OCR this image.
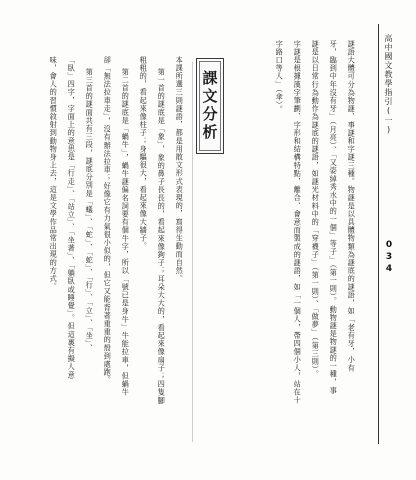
高中國文教學指引(一)
034
謎語大體可分為物謎、事謎和字謎三種。物謎是以具體物類為謎底的謎語，如「老有牙，小有
牙，臨到中年沒有牙」（月亮）、「又姿綽秀水中的一個」等子」（第一則）。動物謎是物謎的一種，事
謎是以日常行為動作為謎底的謎語，如謎光材料中的「穿襪子」（第一則）、「做夢」（第三則）。
字謎是根據漢字筆劃、字形和結構特點，離合、會意而製成的謎語，如「一個人，帶四個小人，站在十
字路口等人」（傘）。
課文分析
本課所選三則謎語，都是用散文形式表現的，寫得生動而自然。
第一首的謎底是「象」，象的鼻子長長的，看起來像鉤子；耳朵大大的，看起來像扇子；四隻腳
粗粗的，看起來像柱子；身驅很大，看起來像大牆子。
第二首的謎底是「蝸牛」，蝸牛謎偏名詞要有個牛字，所以「號已是身牛」牛能拉車，但蝸牛
卻「無法拉車走」，沒有辦法拉車；好像它有力氣很小似的，但它又能背著重重的殼到處跑。
第三首的謎面共有三段，謎底分別是「蟻」、「蛇」、「蛇」、「行」、「立」、「坐」、
「臥」四字，字面上的意思是「行走」、「站立」、「坐著」、「躺臥或睡覺」。但這裏有擬人意
味，會人的習慣敘射到動物身上去，這是文學作品常出現的方式。
